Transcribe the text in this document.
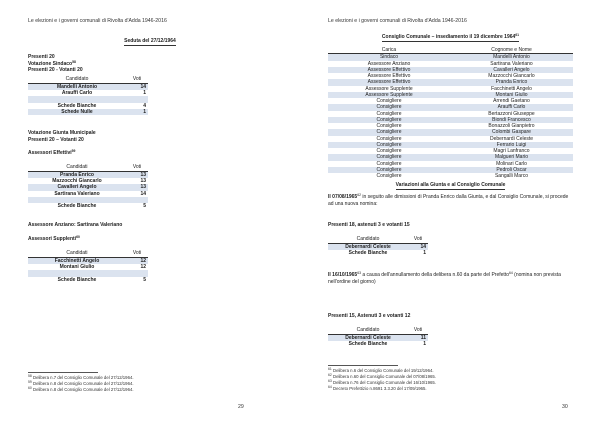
Le elezioni e i governi comunali di Rivolta d'Adda 1946-2016
Seduta del 27/12/1964
Presenti 20
Votazione Sindaco$^{58}$
Presenti 20 - Votanti 20
Candidato	Voti
Mandelli Antonio	14
Arauffi Carlo	1

Schede Bianche	4
Schede Nulle	1
Votazione Giunta Municipale
Presenti 20 – Votanti 20
Assessori Effettivi$^{59}$
Candidati	Voti
Pranda Enrico	13
Mazzocchi Giancarlo	13
Cavalleri Angelo	13
Sartirana Valeriano	14

Schede Bianche	5
Assessore Anziano: Sartirana Valeriano
Assessori Supplenti$^{60}$
Candidati	Voti
Facchinetti Angelo	12
Montani Giulio	12

Schede Bianche	5
$^{58}$ Delibera n.7 del Consiglio Comunale del 27/12/1964.
$^{59}$ Delibera n.8 del Consiglio Comunale del 27/12/1964.
$^{60}$ Delibera n.8 del Consiglio Comunale del 27/12/1964.
29
Le elezioni e i governi comunali di Rivolta d'Adda 1946-2016
Consiglio Comunale – insediamento il 19 dicembre 1964$^{61}$
Carica	Cognome e Nome
Sindaco	Mandelli Antonio
Assessore Anziano	Sartirana Valeriano
Assessore Effettivo	Cavalleri Angelo
Assessore Effettivo	Mazzocchi Giancarlo
Assessore Effettivo	Pranda Enrico
Assessore Supplente	Facchinetti Angelo
Assessore Supplente	Montani Giulio
Consigliere	Arrendi Gaetano
Consigliere	Arauffi Carlo
Consigliere	Bertazzoni Giuseppe
Consigliere	Biondi Francesco
Consigliere	Bonazzoli Gianpietro
Consigliere	Colombi Gaspare
Consigliere	Debernardi Celeste
Consigliere	Ferrario Luigi
Consigliere	Magri Lanfranco
Consigliere	Malgueri Mario
Consigliere	Molinari Carlo
Consigliere	Pedroli Oscar
Consigliere	Sangalli Marco
Variazioni alla Giunta e al Consiglio Comunale
Il 07/08/1965$^{62}$ in seguito alle dimissioni di Pranda Enrico dalla Giunta, e dal Consiglio Comunale, si procede ad una nuova nomina:
Presenti 18, astenuti 3 e votanti 15
Candidato	Voti
Debernardi Celeste	14
Schede Bianche	1
Il 16/10/1965$^{63}$ a causa dell'annullamento della delibera n.60 da parte del Prefetto$^{64}$ (nomina non prevista nell'ordine del giorno)
Presenti 15, Astenuti 3 e votanti 12
Candidato	Voti
Debernardi Celeste	11
Schede Bianche	1
$^{61}$ Delibera n.6 del Consiglio Comunale del 19/12/1964.
$^{62}$ Delibera n.60 del Consiglio Comunale del 07/08/1965.
$^{63}$ Delibera n.76 del Consiglio Comunale del 16/10/1965.
$^{64}$ Decreto Prefettizio n.8691 3.3.20 del 17/09/1965.
30
